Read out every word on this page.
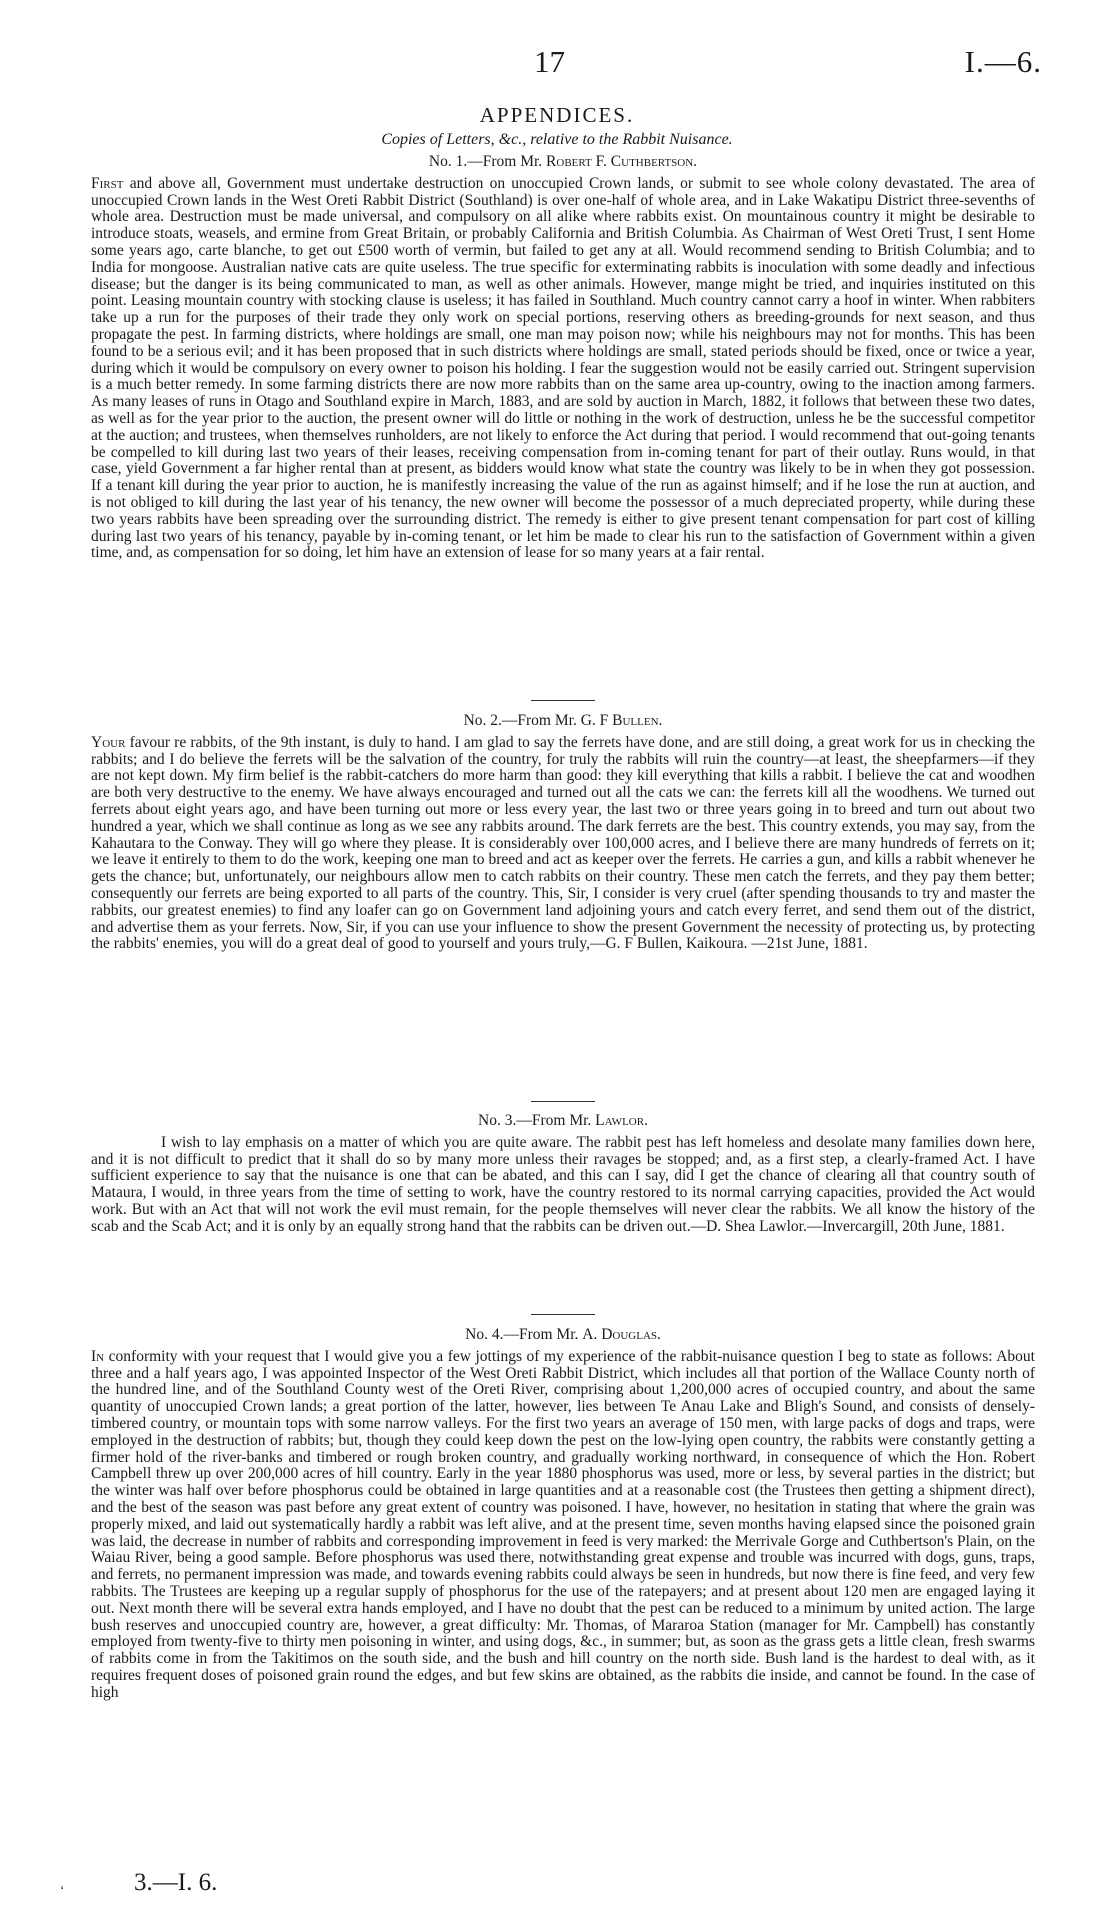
17	I.—6.
APPENDICES.
Copies of Letters, &c., relative to the Rabbit Nuisance.
No. 1.—From Mr. Robert F. Cuthbertson.

First and above all, Government must undertake destruction on unoccupied Crown lands, or submit to see whole colony devastated. The area of unoccupied Crown lands in the West Oreti Rabbit District (Southland) is over one-half of whole area, and in Lake Wakatipu District three-sevenths of whole area. Destruction must be made universal, and compulsory on all alike where rabbits exist. On mountainous country it might be desirable to introduce stoats, weasels, and ermine from Great Britain, or probably California and British Columbia. As Chairman of West Oreti Trust, I sent Home some years ago, carte blanche, to get out £500 worth of vermin, but failed to get any at all. Would recommend sending to British Columbia; and to India for mongoose. Australian native cats are quite useless. The true specific for exterminating rabbits is inoculation with some deadly and infectious disease; but the danger is its being communicated to man, as well as other animals. However, mange might be tried, and inquiries instituted on this point. Leasing mountain country with stocking clause is useless; it has failed in Southland. Much country cannot carry a hoof in winter. When rabbiters take up a run for the purposes of their trade they only work on special portions, reserving others as breeding-grounds for next season, and thus propagate the pest. In farming districts, where holdings are small, one man may poison now; while his neighbours may not for months. This has been found to be a serious evil; and it has been proposed that in such districts where holdings are small, stated periods should be fixed, once or twice a year, during which it would be compulsory on every owner to poison his holding. I fear the suggestion would not be easily carried out. Stringent supervision is a much better remedy. In some farming districts there are now more rabbits than on the same area up-country, owing to the inaction among farmers. As many leases of runs in Otago and Southland expire in March, 1883, and are sold by auction in March, 1882, it follows that between these two dates, as well as for the year prior to the auction, the present owner will do little or nothing in the work of destruction, unless he be the successful competitor at the auction; and trustees, when themselves runholders, are not likely to enforce the Act during that period. I would recommend that out-going tenants be compelled to kill during last two years of their leases, receiving compensation from in-coming tenant for part of their outlay. Runs would, in that case, yield Government a far higher rental than at present, as bidders would know what state the country was likely to be in when they got possession. If a tenant kill during the year prior to auction, he is manifestly increasing the value of the run as against himself; and if he lose the run at auction, and is not obliged to kill during the last year of his tenancy, the new owner will become the possessor of a much depreciated property, while during these two years rabbits have been spreading over the surrounding district. The remedy is either to give present tenant compensation for part cost of killing during last two years of his tenancy, payable by in-coming tenant, or let him be made to clear his run to the satisfaction of Government within a given time, and, as compensation for so doing, let him have an extension of lease for so many years at a fair rental.

No. 2.—From Mr. G. F Bullen.

Your favour re rabbits, of the 9th instant, is duly to hand. I am glad to say the ferrets have done, and are still doing, a great work for us in checking the rabbits; and I do believe the ferrets will be the salvation of the country, for truly the rabbits will ruin the country—at least, the sheepfarmers—if they are not kept down. My firm belief is the rabbit-catchers do more harm than good: they kill everything that kills a rabbit. I believe the cat and woodhen are both very destructive to the enemy. We have always encouraged and turned out all the cats we can: the ferrets kill all the woodhens. We turned out ferrets about eight years ago, and have been turning out more or less every year, the last two or three years going in to breed and turn out about two hundred a year, which we shall continue as long as we see any rabbits around. The dark ferrets are the best. This country extends, you may say, from the Kahautara to the Conway. They will go where they please. It is considerably over 100,000 acres, and I believe there are many hundreds of ferrets on it; we leave it entirely to them to do the work, keeping one man to breed and act as keeper over the ferrets. He carries a gun, and kills a rabbit whenever he gets the chance; but, unfortunately, our neighbours allow men to catch rabbits on their country. These men catch the ferrets, and they pay them better; consequently our ferrets are being exported to all parts of the country. This, Sir, I consider is very cruel (after spending thousands to try and master the rabbits, our greatest enemies) to find any loafer can go on Government land adjoining yours and catch every ferret, and send them out of the district, and advertise them as your ferrets. Now, Sir, if you can use your influence to show the present Government the necessity of protecting us, by protecting the rabbits' enemies, you will do a great deal of good to yourself and yours truly,—G. F Bullen, Kaikoura. —21st June, 1881.

No. 3.—From Mr. Lawlor.

I wish to lay emphasis on a matter of which you are quite aware. The rabbit pest has left homeless and desolate many families down here, and it is not difficult to predict that it shall do so by many more unless their ravages be stopped; and, as a first step, a clearly-framed Act. I have sufficient experience to say that the nuisance is one that can be abated, and this can I say, did I get the chance of clearing all that country south of Mataura, I would, in three years from the time of setting to work, have the country restored to its normal carrying capacities, provided the Act would work. But with an Act that will not work the evil must remain, for the people themselves will never clear the rabbits. We all know the history of the scab and the Scab Act; and it is only by an equally strong hand that the rabbits can be driven out.—D. Shea Lawlor.—Invercargill, 20th June, 1881.

No. 4.—From Mr. A. Douglas.

In conformity with your request that I would give you a few jottings of my experience of the rabbit-nuisance question I beg to state as follows: About three and a half years ago, I was appointed Inspector of the West Oreti Rabbit District, which includes all that portion of the Wallace County north of the hundred line, and of the Southland County west of the Oreti River, comprising about 1,200,000 acres of occupied country, and about the same quantity of unoccupied Crown lands; a great portion of the latter, however, lies between Te Anau Lake and Bligh's Sound, and consists of densely-timbered country, or mountain tops with some narrow valleys. For the first two years an average of 150 men, with large packs of dogs and traps, were employed in the destruction of rabbits; but, though they could keep down the pest on the low-lying open country, the rabbits were constantly getting a firmer hold of the river-banks and timbered or rough broken country, and gradually working northward, in consequence of which the Hon. Robert Campbell threw up over 200,000 acres of hill country. Early in the year 1880 phosphorus was used, more or less, by several parties in the district; but the winter was half over before phosphorus could be obtained in large quantities and at a reasonable cost (the Trustees then getting a shipment direct), and the best of the season was past before any great extent of country was poisoned. I have, however, no hesitation in stating that where the grain was properly mixed, and laid out systematically hardly a rabbit was left alive, and at the present time, seven months having elapsed since the poisoned grain was laid, the decrease in number of rabbits and corresponding improvement in feed is very marked: the Merrivale Gorge and Cuthbertson's Plain, on the Waiau River, being a good sample. Before phosphorus was used there, notwithstanding great expense and trouble was incurred with dogs, guns, traps, and ferrets, no permanent impression was made, and towards evening rabbits could always be seen in hundreds, but now there is fine feed, and very few rabbits. The Trustees are keeping up a regular supply of phosphorus for the use of the ratepayers; and at present about 120 men are engaged laying it out. Next month there will be several extra hands employed, and I have no doubt that the pest can be reduced to a minimum by united action. The large bush reserves and unoccupied country are, however, a great difficulty: Mr. Thomas, of Mararoa Station (manager for Mr. Campbell) has constantly employed from twenty-five to thirty men poisoning in winter, and using dogs, &c., in summer; but, as soon as the grass gets a little clean, fresh swarms of rabbits come in from the Takitimos on the south side, and the bush and hill country on the north side. Bush land is the hardest to deal with, as it requires frequent doses of poisoned grain round the edges, and but few skins are obtained, as the rabbits die inside, and cannot be found. In the case of high

‘	3.—I. 6.
